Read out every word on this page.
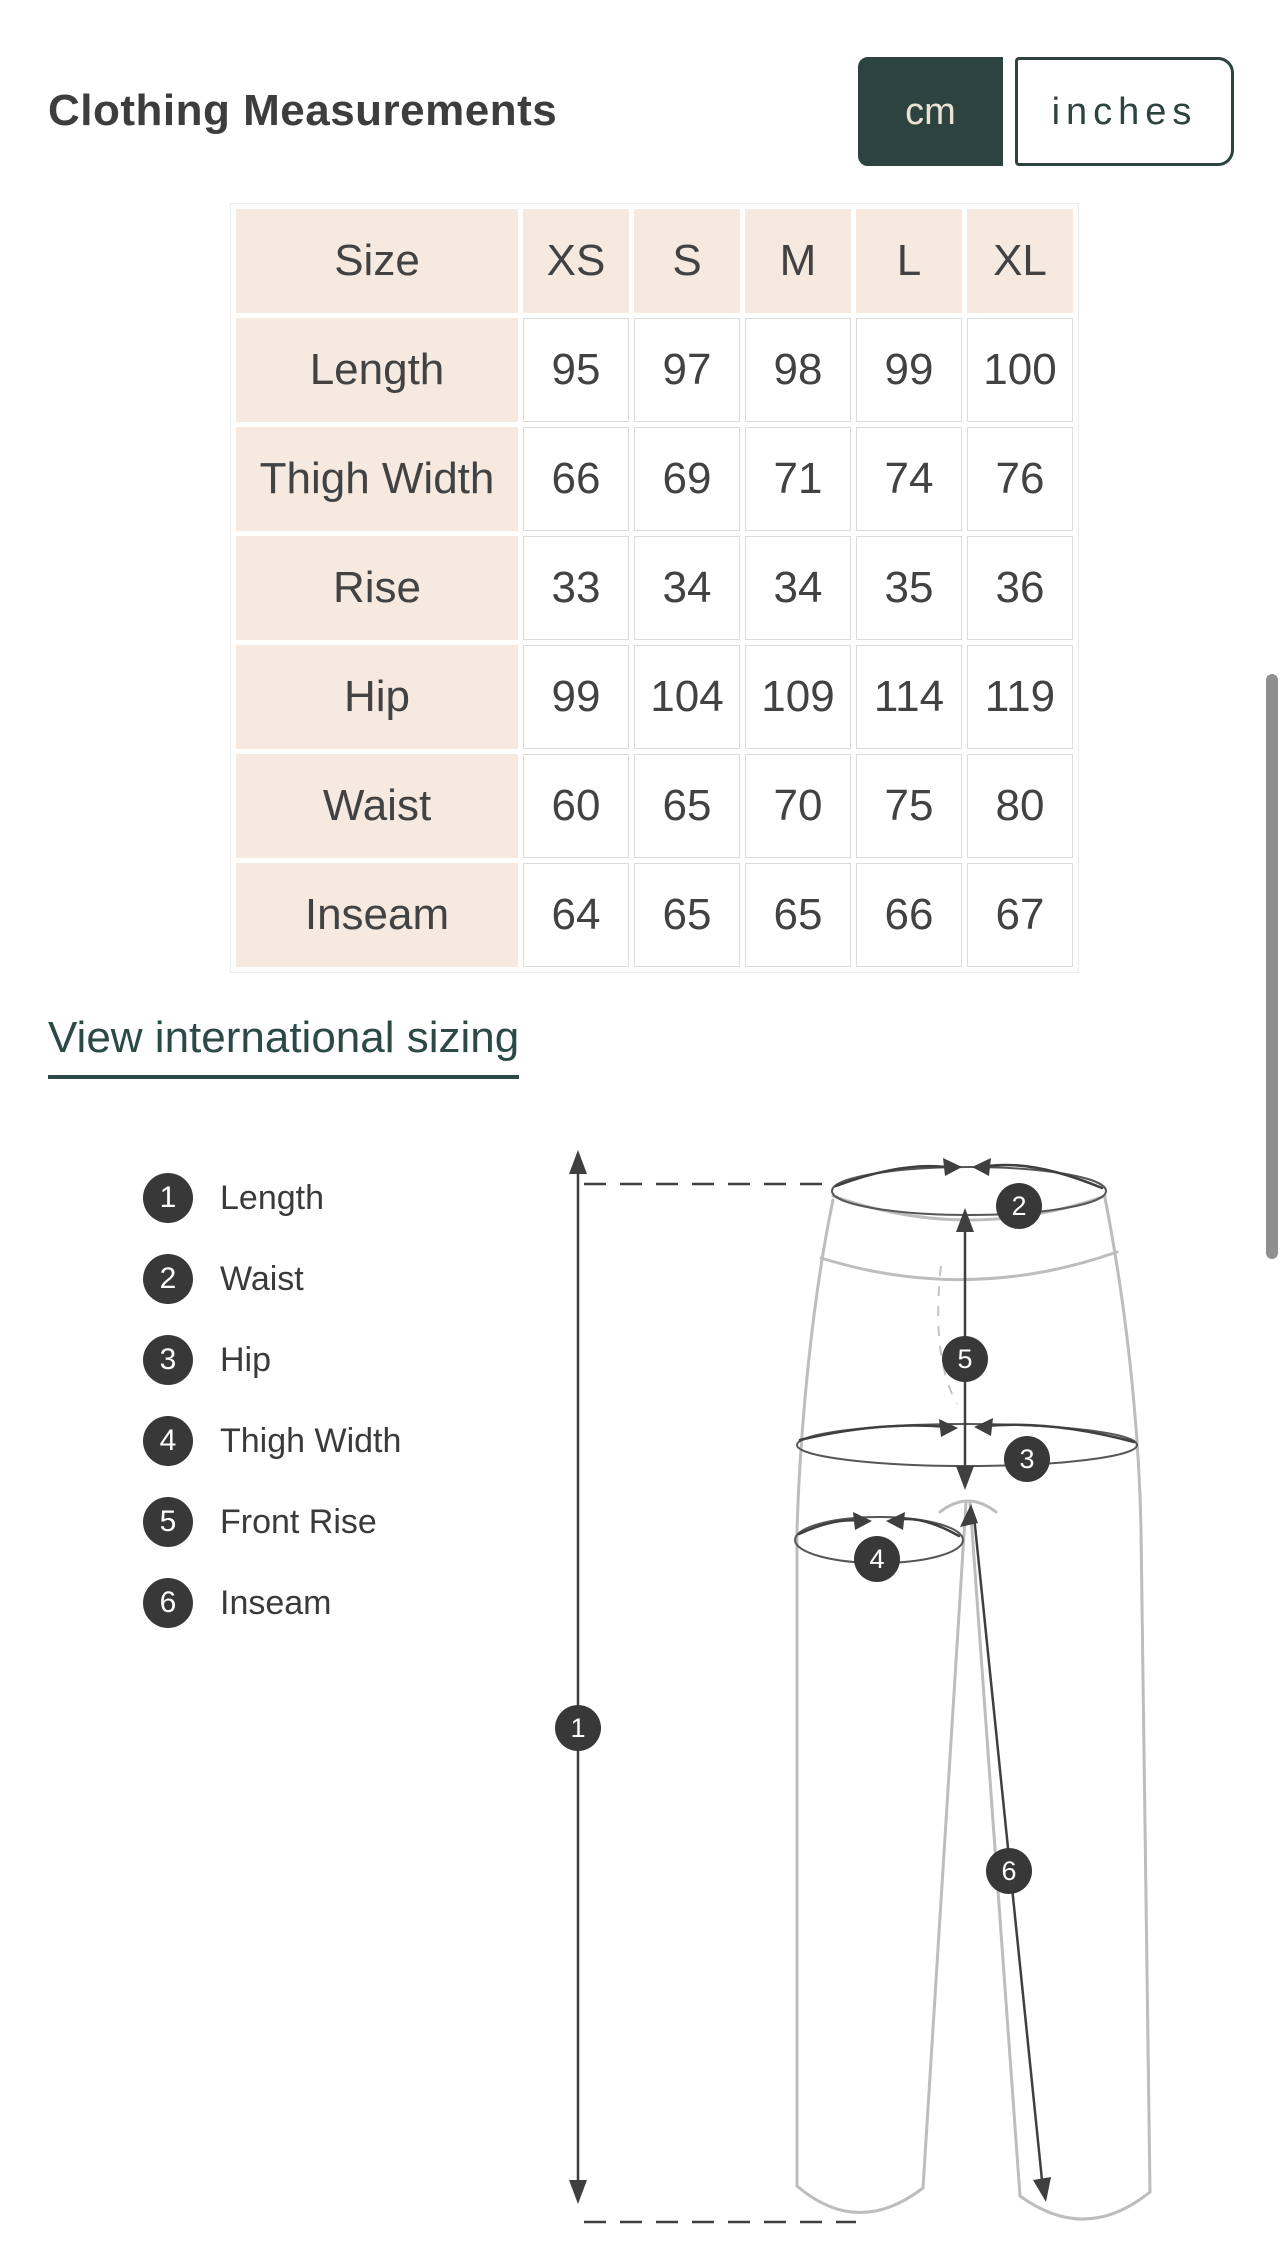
Clothing Measurements	cm	inches
Size	XS	S	M	L	XL
Length	95	97	98	99	100
Thigh Width	66	69	71	74	76
Rise	33	34	34	35	36
Hip	99	104	109	114	119
Waist	60	65	70	75	80
Inseam	64	65	65	66	67
View international sizing
1	Length
2	Waist
3	Hip
4	Thigh Width
5	Front Rise
6	Inseam
1
2
3
4
5
6
